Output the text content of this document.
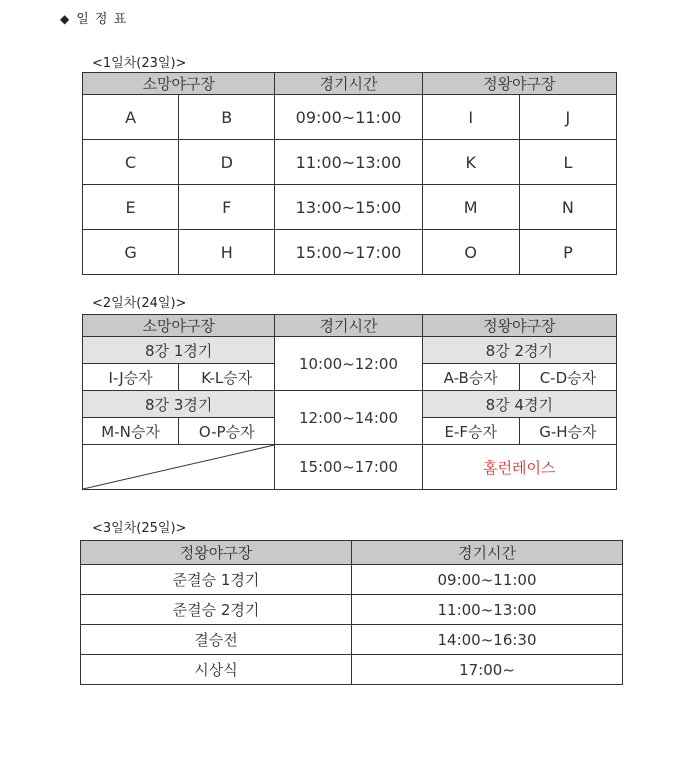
◆ 일 정 표
<1일차(23일)>
소망야구장		경기시간	정왕야구장	
A	B	09:00~11:00	I	J
C	D	11:00~13:00	K	L
E	F	13:00~15:00	M	N
G	H	15:00~17:00	O	P
<2일차(24일)>
소망야구장		경기시간	정왕야구장	
8강 1경기		10:00~12:00	8강 2경기	
I-J승자	K-L승자		A-B승자	C-D승자
8강 3경기		12:00~14:00	8강 4경기	
M-N승자	O-P승자		E-F승자	G-H승자

	15:00~17:00	홈런레이스	
<3일차(25일)>
정왕야구장	경기시간
준결승 1경기	09:00~11:00
준결승 2경기	11:00~13:00
결승전	14:00~16:30
시상식	17:00~
